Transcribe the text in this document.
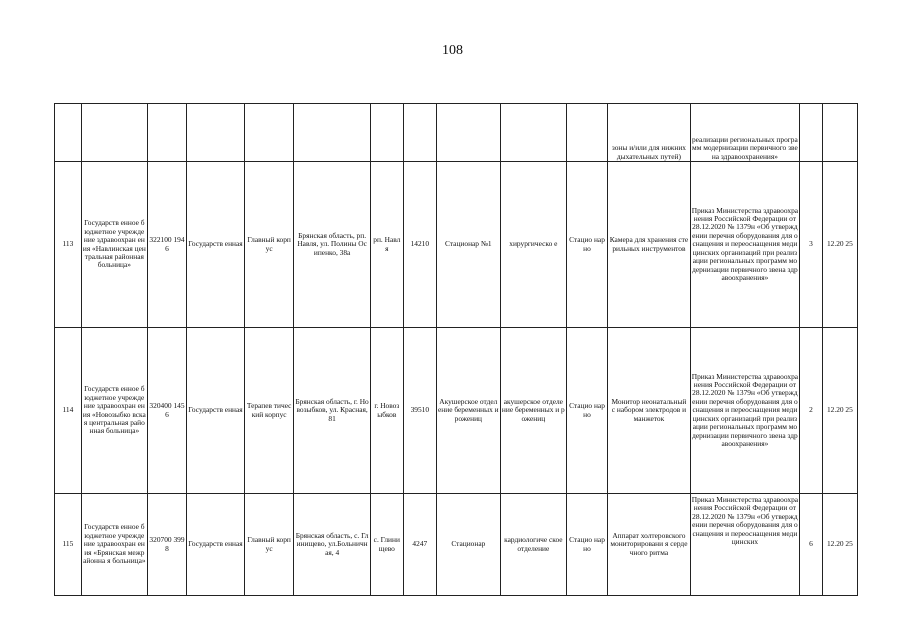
108
											зоны и/или для нижних дыхательных путей)	реализации региональных программ модернизации первичного звена здравоохранения»		
113	Государств енное бюджетное учреждение здравоохран ения «Навлинская центральная районная больница»	322100 1946	Государств енная	Главный корпус	Брянская область, рп. Навля, ул. Полины Осипенко, 38а	рп. Навля	14210	Стационар №1	хирургическо е	Стацио нарно	Камера для хранения стерильных инструментов	Приказ Министерства здравоохранения Российской Федерации от 28.12.2020 № 1379н «Об утверждении перечня оборудования для оснащения и переоснащения медицинских организаций при реализации региональных программ модернизации первичного звена здравоохранения»	3	12.20 25
114	Государств енное бюджетное учреждение здравоохран ения «Новозыбко вская центральная районная больница»	320400 1456	Государств енная	Терапев тический корпус	Брянская область, г. Новозыбков, ул. Красная, 81	г. Новоз ыбков	39510	Акушерское отделение беременных и рожениц	акушерское отделение беременных и рожениц	Стацио нарно	Монитор неонатальный с набором электродов и манжеток	Приказ Министерства здравоохранения Российской Федерации от 28.12.2020 № 1379н «Об утверждении перечня оборудования для оснащения и переоснащения медицинских организаций при реализации региональных программ модернизации первичного звена здравоохранения»	2	12.20 25
115	Государств енное бюджетное учреждение здравоохран ения «Брянская межрайонна я больница»	320700 3998	Государств енная	Главный корпус	Брянская область, с. Глинищево, ул.Больничная, 4	с. Глини щево	4247	Стационар	кардиологиче ское отделение	Стацио нарно	Аппарат холтеровского мониторировани я сердечного ритма	Приказ Министерства здравоохранения Российской Федерации от 28.12.2020 № 1379н «Об утверждении перечня оборудования для оснащения и переоснащения медицинских	6	12.20 25
